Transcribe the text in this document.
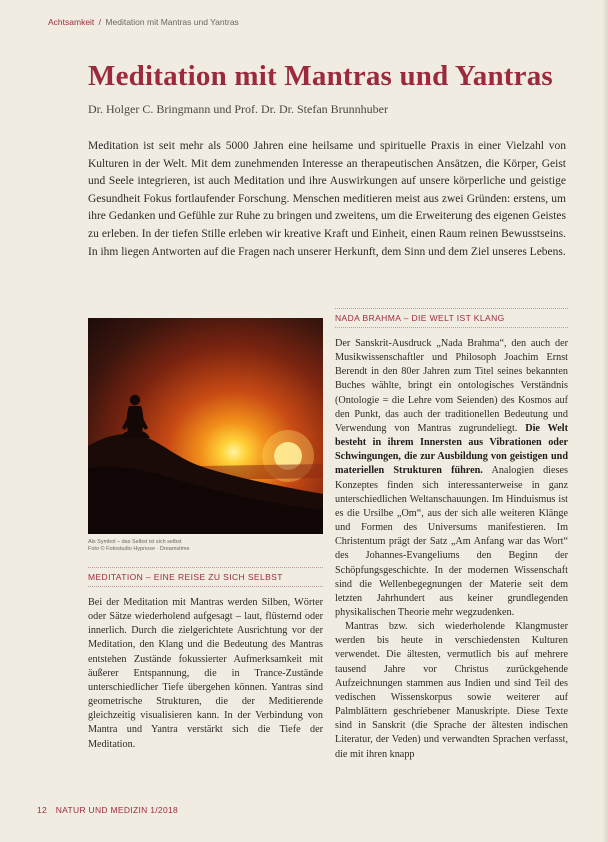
Achtsamkeit / Meditation mit Mantras und Yantras
Meditation mit Mantras und Yantras
Dr. Holger C. Bringmann und Prof. Dr. Dr. Stefan Brunnhuber

Meditation ist seit mehr als 5000 Jahren eine heilsame und spirituelle Praxis in einer Vielzahl von Kulturen in der Welt. Mit dem zunehmenden Interesse an therapeutischen Ansätzen, die Körper, Geist und Seele integrieren, ist auch Meditation und ihre Auswirkungen auf unsere körperliche und geistige Gesundheit Fokus fortlaufender Forschung. Menschen meditieren meist aus zwei Gründen: erstens, um ihre Gedanken und Gefühle zur Ruhe zu bringen und zweitens, um die Erweiterung des eigenen Geistes zu erleben. In der tiefen Stille erleben wir kreative Kraft und Einheit, einen Raum reinen Bewusstseins. In ihm liegen Antworten auf die Fragen nach unserer Herkunft, dem Sinn und dem Ziel unseres Lebens.

Als Symbol – das Selbst ist sich selbst
Foto © Fotostudio Hypnose · Dreamstime
MEDITATION – EINE REISE ZU SICH SELBST

Bei der Meditation mit Mantras werden Silben, Wörter oder Sätze wiederholend aufgesagt – laut, flüsternd oder innerlich. Durch die zielgerichtete Ausrichtung vor der Meditation, den Klang und die Bedeutung des Mantras entstehen Zustände fokussierter Aufmerksamkeit mit äußerer Entspannung, die in Trance-Zustände unterschiedlicher Tiefe übergehen können. Yantras sind geometrische Strukturen, die der Meditierende gleichzeitig visualisieren kann. In der Verbindung von Mantra und Yantra verstärkt sich die Tiefe der Meditation.

NADA BRAHMA – DIE WELT IST KLANG

Der Sanskrit-Ausdruck „Nada Brahma“, den auch der Musikwissenschaftler und Philosoph Joachim Ernst Berendt in den 80er Jahren zum Titel seines bekannten Buches wählte, bringt ein ontologisches Verständnis (Ontologie = die Lehre vom Seienden) des Kosmos auf den Punkt, das auch der traditionellen Bedeutung und Verwendung von Mantras zugrundeliegt. Die Welt besteht in ihrem Innersten aus Vibrationen oder Schwingungen, die zur Ausbildung von geistigen und materiellen Strukturen führen. Analogien dieses Konzeptes finden sich interessanterweise in ganz unterschiedlichen Weltanschauungen. Im Hinduismus ist es die Ursilbe „Om“, aus der sich alle weiteren Klänge und Formen des Universums manifestieren. Im Christentum prägt der Satz „Am Anfang war das Wort“ des Johannes-Evangeliums den Beginn der Schöpfungsgeschichte. In der modernen Wissenschaft sind die Wellenbegegnungen der Materie seit dem letzten Jahrhundert aus keiner grundlegenden physikalischen Theorie mehr wegzudenken.

Mantras bzw. sich wiederholende Klangmuster werden bis heute in verschiedensten Kulturen verwendet. Die ältesten, vermutlich bis auf mehrere tausend Jahre vor Christus zurückgehende Aufzeichnungen stammen aus Indien und sind Teil des vedischen Wissenskorpus sowie weiterer auf Palmblättern geschriebener Manuskripte. Diese Texte sind in Sanskrit (die Sprache der ältesten indischen Literatur, der Veden) und verwandten Sprachen verfasst, die mit ihren knapp

12 NATUR UND MEDIZIN 1/2018
